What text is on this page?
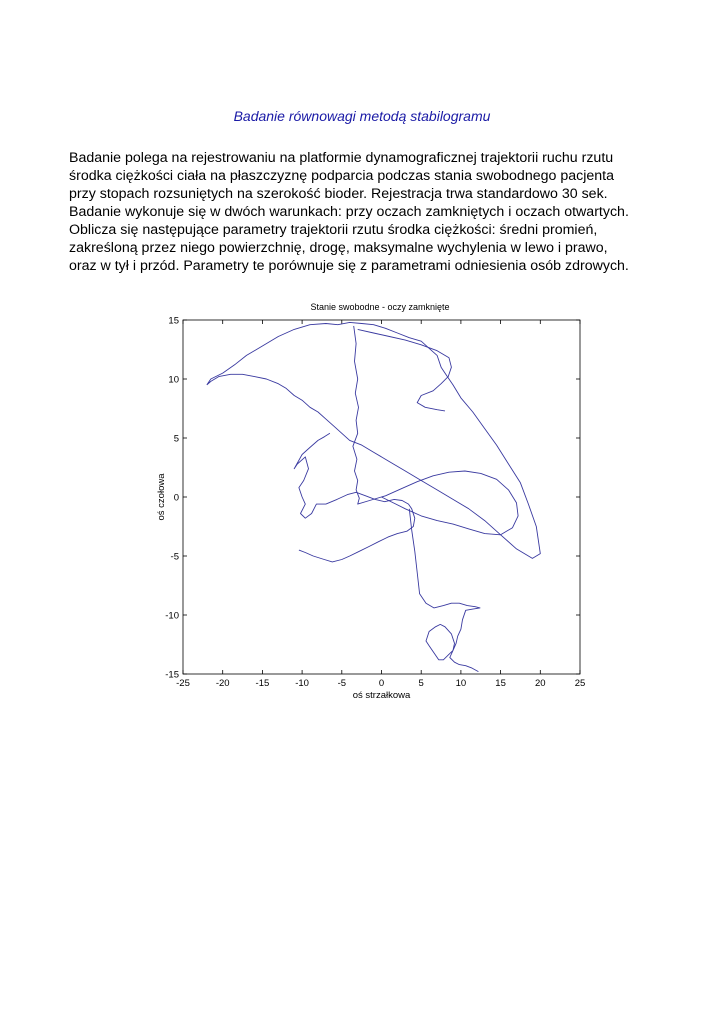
Badanie równowagi metodą stabilogramu

Badanie polega na rejestrowaniu na platformie dynamograficznej trajektorii ruchu rzutu
środka ciężkości ciała na płaszczyznę podparcia podczas stania swobodnego pacjenta
przy stopach rozsuniętych na szerokość bioder. Rejestracja trwa standardowo 30 sek.
Badanie wykonuje się w dwóch warunkach: przy oczach zamkniętych i oczach otwartych.
Oblicza się następujące parametry trajektorii rzutu środka ciężkości: średni promień,
zakreśloną przez niego powierzchnię, drogę, maksymalne wychylenia w lewo i prawo,
oraz w tył i przód. Parametry te porównuje się z parametrami odniesienia osób zdrowych.

Stanie swobodne - oczy zamknięte
-25	-20	-15	-10	-5	0	5	10	15	20	25
-15
-10
-5
0
5
10
15
oś strzałkowa
oś czołowa
